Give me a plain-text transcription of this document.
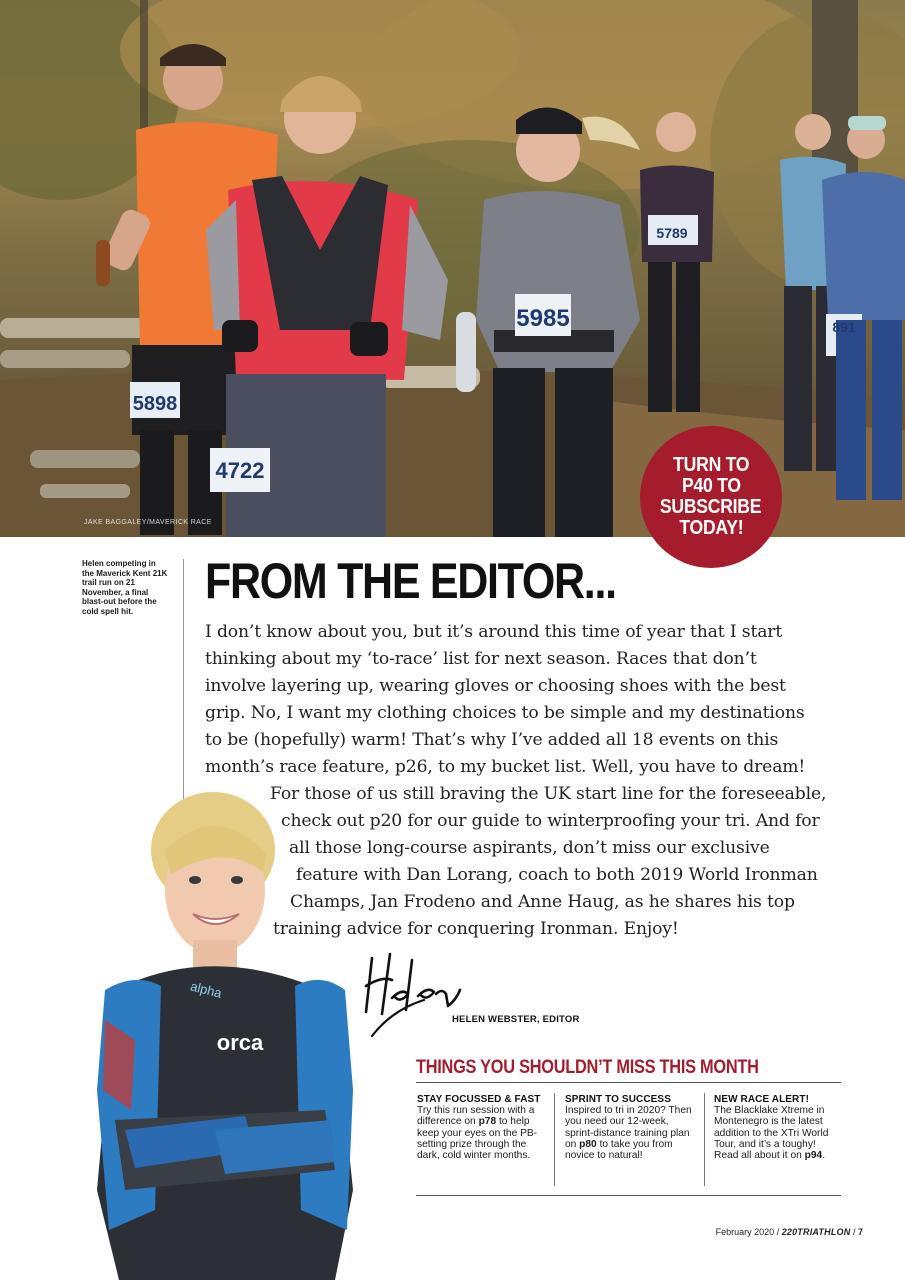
5898
4722
5985
5789
891
JAKE BAGGALEY/MAVERICK RACE
TURN TO
P40 TO
SUBSCRIBE
TODAY!
Helen competing in the Maverick Kent 21K trail run on 21 November, a final blast-out before the cold spell hit.
FROM THE EDITOR...
I don’t know about you, but it’s around this time of year that I start
thinking about my ‘to-race’ list for next season. Races that don’t
involve layering up, wearing gloves or choosing shoes with the best
grip. No, I want my clothing choices to be simple and my destinations
to be (hopefully) warm! That’s why I’ve added all 18 events on this
month’s race feature, p26, to my bucket list. Well, you have to dream!
For those of us still braving the UK start line for the foreseeable,
check out p20 for our guide to winterproofing your tri. And for
all those long-course aspirants, don’t miss our exclusive
feature with Dan Lorang, coach to both 2019 World Ironman
Champs, Jan Frodeno and Anne Haug, as he shares his top
training advice for conquering Ironman. Enjoy!
orca
alpha
HELEN WEBSTER, EDITOR
THINGS YOU SHOULDN’T MISS THIS MONTH
STAY FOCUSSED & FAST

Try this run session with a difference on p78 to help keep your eyes on the PB-setting prize through the dark, cold winter months.

SPRINT TO SUCCESS

Inspired to tri in 2020? Then you need our 12-week, sprint-distance training plan on p80 to take you from novice to natural!

NEW RACE ALERT!

The Blacklake Xtreme in Montenegro is the latest addition to the XTri World Tour, and it’s a toughy! Read all about it on p94.

February 2020 / 220TRIATHLON / 7
